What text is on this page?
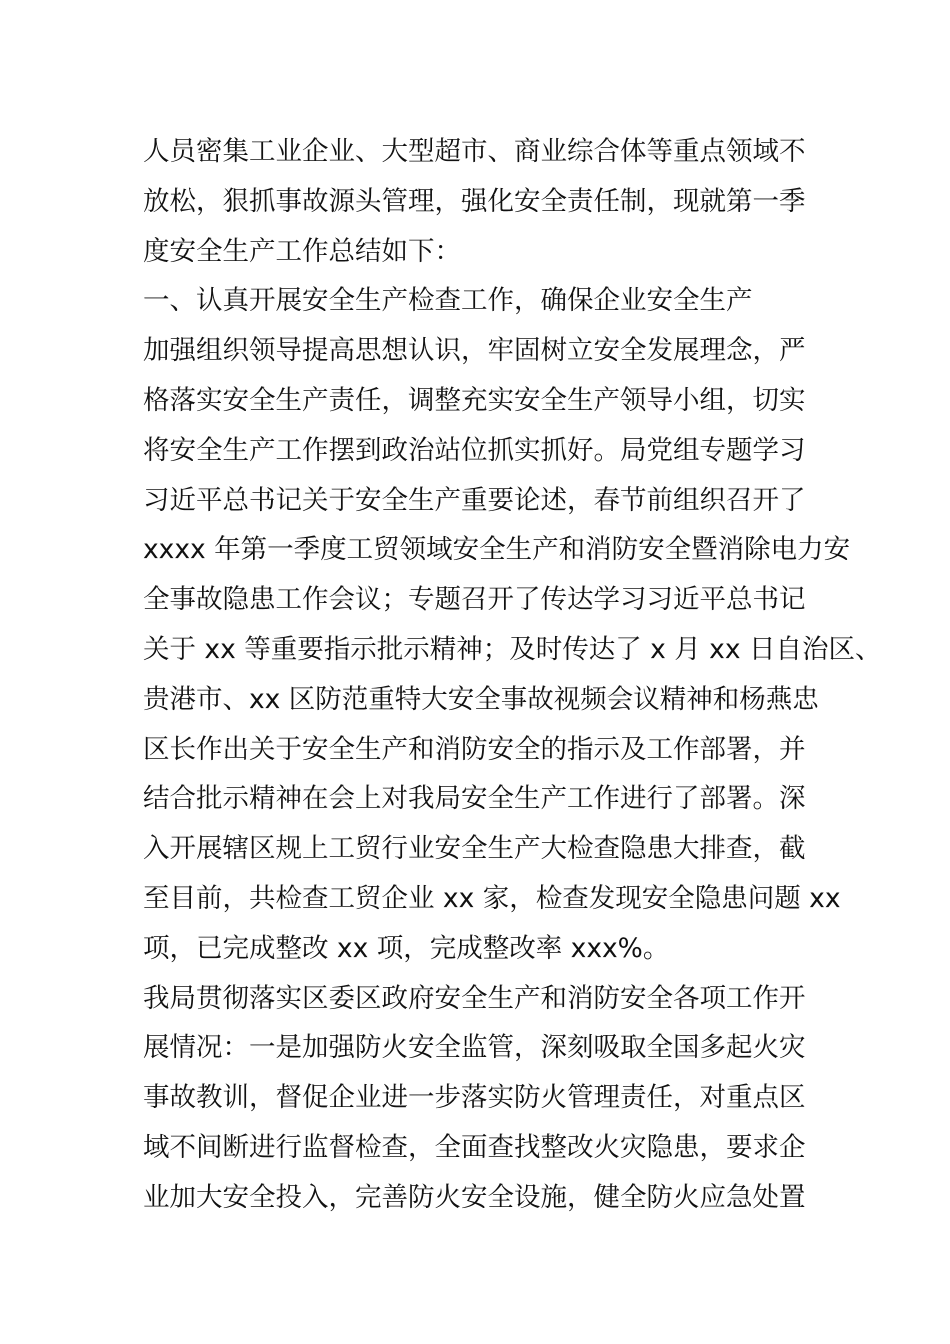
人员密集工业企业、大型超市、商业综合体等重点领域不
放松，狠抓事故源头管理，强化安全责任制，现就第一季
度安全生产工作总结如下：
一、认真开展安全生产检查工作，确保企业安全生产
加强组织领导提高思想认识，牢固树立安全发展理念，严
格落实安全生产责任，调整充实安全生产领导小组，切实
将安全生产工作摆到政治站位抓实抓好。局党组专题学习
习近平总书记关于安全生产重要论述，春节前组织召开了
xxxx 年第一季度工贸领域安全生产和消防安全暨消除电力安
全事故隐患工作会议；专题召开了传达学习习近平总书记
关于 xx 等重要指示批示精神；及时传达了 x 月 xx 日自治区、
贵港市、xx 区防范重特大安全事故视频会议精神和杨燕忠
区长作出关于安全生产和消防安全的指示及工作部署，并
结合批示精神在会上对我局安全生产工作进行了部署。深
入开展辖区规上工贸行业安全生产大检查隐患大排查，截
至目前，共检查工贸企业 xx 家，检查发现安全隐患问题 xx
项，已完成整改 xx 项，完成整改率 xxx%。
我局贯彻落实区委区政府安全生产和消防安全各项工作开
展情况：一是加强防火安全监管，深刻吸取全国多起火灾
事故教训，督促企业进一步落实防火管理责任，对重点区
域不间断进行监督检查，全面查找整改火灾隐患，要求企
业加大安全投入，完善防火安全设施，健全防火应急处置
